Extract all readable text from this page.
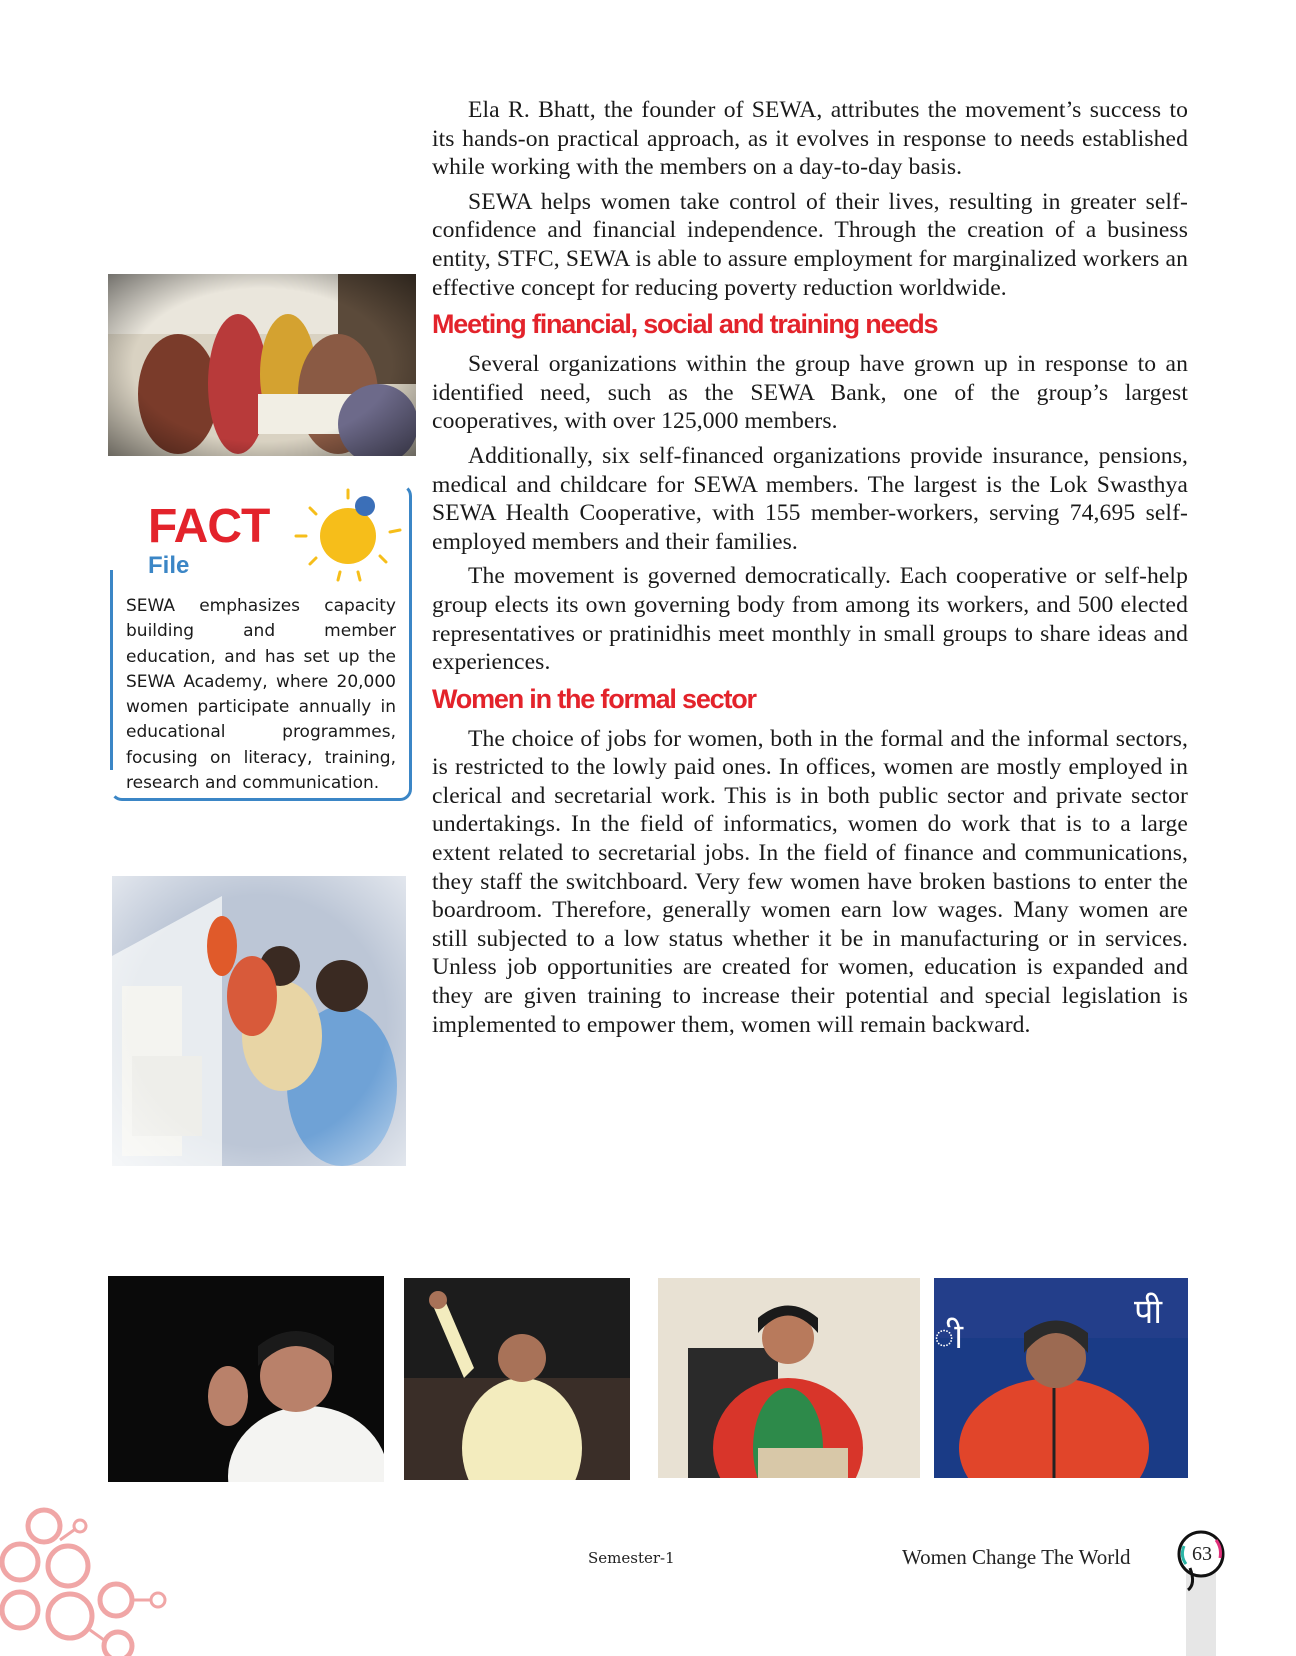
Ela R. Bhatt, the founder of SEWA, attributes the movement’s success to its hands-on practical approach, as it evolves in response to needs established while working with the members on a day-to-day basis.

SEWA helps women take control of their lives, resulting in greater self-confidence and financial independence. Through the creation of a business entity, STFC, SEWA is able to assure employment for marginalized workers an effective concept for reducing poverty reduction worldwide.

Meeting financial, social and training needs

Several organizations within the group have grown up in response to an identified need, such as the SEWA Bank, one of the group’s largest cooperatives, with over 125,000 members.

Additionally, six self-financed organizations provide insurance, pensions, medical and childcare for SEWA members. The largest is the Lok Swasthya SEWA Health Cooperative, with 155 member-workers, serving 74,695 self-employed members and their families.

The movement is governed democratically. Each cooperative or self-help group elects its own governing body from among its workers, and 500 elected representatives or pratinidhis meet monthly in small groups to share ideas and experiences.

Women in the formal sector

The choice of jobs for women, both in the formal and the informal sectors, is restricted to the lowly paid ones. In offices, women are mostly employed in clerical and secretarial work. This is in both public sector and private sector undertakings. In the field of informatics, women do work that is to a large extent related to secretarial jobs. In the field of finance and communications, they staff the switchboard. Very few women have broken bastions to enter the boardroom. Therefore, generally women earn low wages. Many women are still subjected to a low status whether it be in manufacturing or in services. Unless job opportunities are created for women, education is expanded and they are given training to increase their potential and special legislation is implemented to empower them, women will remain backward.

FACT
File
SEWA emphasizes capacity building and member education, and has set up the SEWA Academy, where 20,000 women participate annually in educational programmes, focusing on literacy, training, research and communication.
पी
ी
Semester-1	Women Change The World	63
